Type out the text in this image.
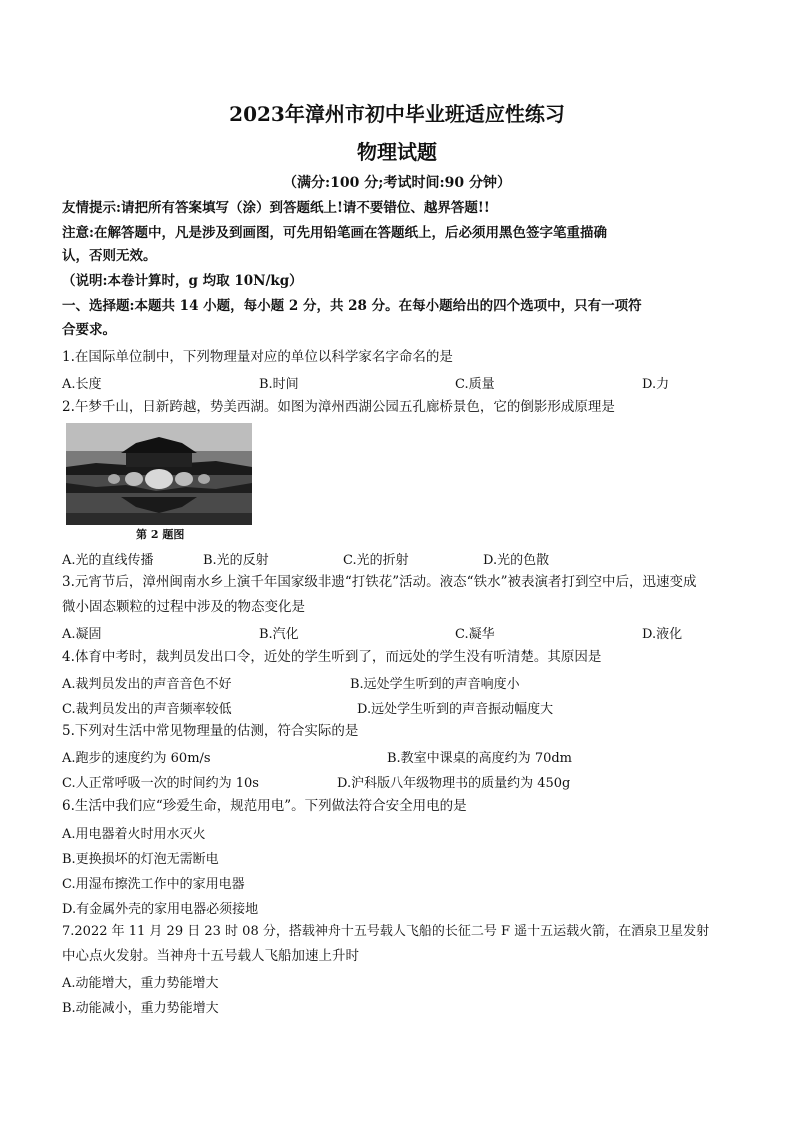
2023年漳州市初中毕业班适应性练习
物理试题
（满分:100 分;考试时间:90 分钟）
友情提示:请把所有答案填写（涂）到答题纸上!请不要错位、越界答题!!
注意:在解答题中，凡是涉及到画图，可先用铅笔画在答题纸上，后必须用黑色签字笔重描确
认，否则无效。
（说明:本卷计算时，g 均取 10N/kg）
一、选择题:本题共 14 小题，每小题 2 分，共 28 分。在每小题给出的四个选项中，只有一项符
合要求。
1.在国际单位制中，下列物理量对应的单位以科学家名字命名的是
A.长度	B.时间	C.质量	D.力
2.午梦千山，日新跨越，势美西湖。如图为漳州西湖公园五孔廊桥景色，它的倒影形成原理是
第 2 题图
A.光的直线传播	B.光的反射	C.光的折射	D.光的色散
3.元宵节后，漳州闽南水乡上演千年国家级非遗“打铁花”活动。液态“铁水”被表演者打到空中后，迅速变成
微小固态颗粒的过程中涉及的物态变化是
A.凝固	B.汽化	C.凝华	D.液化
4.体育中考时，裁判员发出口令，近处的学生听到了，而远处的学生没有听清楚。其原因是
A.裁判员发出的声音音色不好	B.远处学生听到的声音响度小
C.裁判员发出的声音频率较低	D.远处学生听到的声音振动幅度大
5.下列对生活中常见物理量的估测，符合实际的是
A.跑步的速度约为 60m/s	B.教室中课桌的高度约为 70dm
C.人正常呼吸一次的时间约为 10s	D.沪科版八年级物理书的质量约为 450g
6.生活中我们应“珍爱生命，规范用电”。下列做法符合安全用电的是
A.用电器着火时用水灭火
B.更换损坏的灯泡无需断电
C.用湿布擦洗工作中的家用电器
D.有金属外壳的家用电器必须接地
7.2022 年 11 月 29 日 23 时 08 分，搭载神舟十五号载人飞船的长征二号 F 遥十五运载火箭，在酒泉卫星发射
中心点火发射。当神舟十五号载人飞船加速上升时
A.动能增大，重力势能增大
B.动能减小，重力势能增大
